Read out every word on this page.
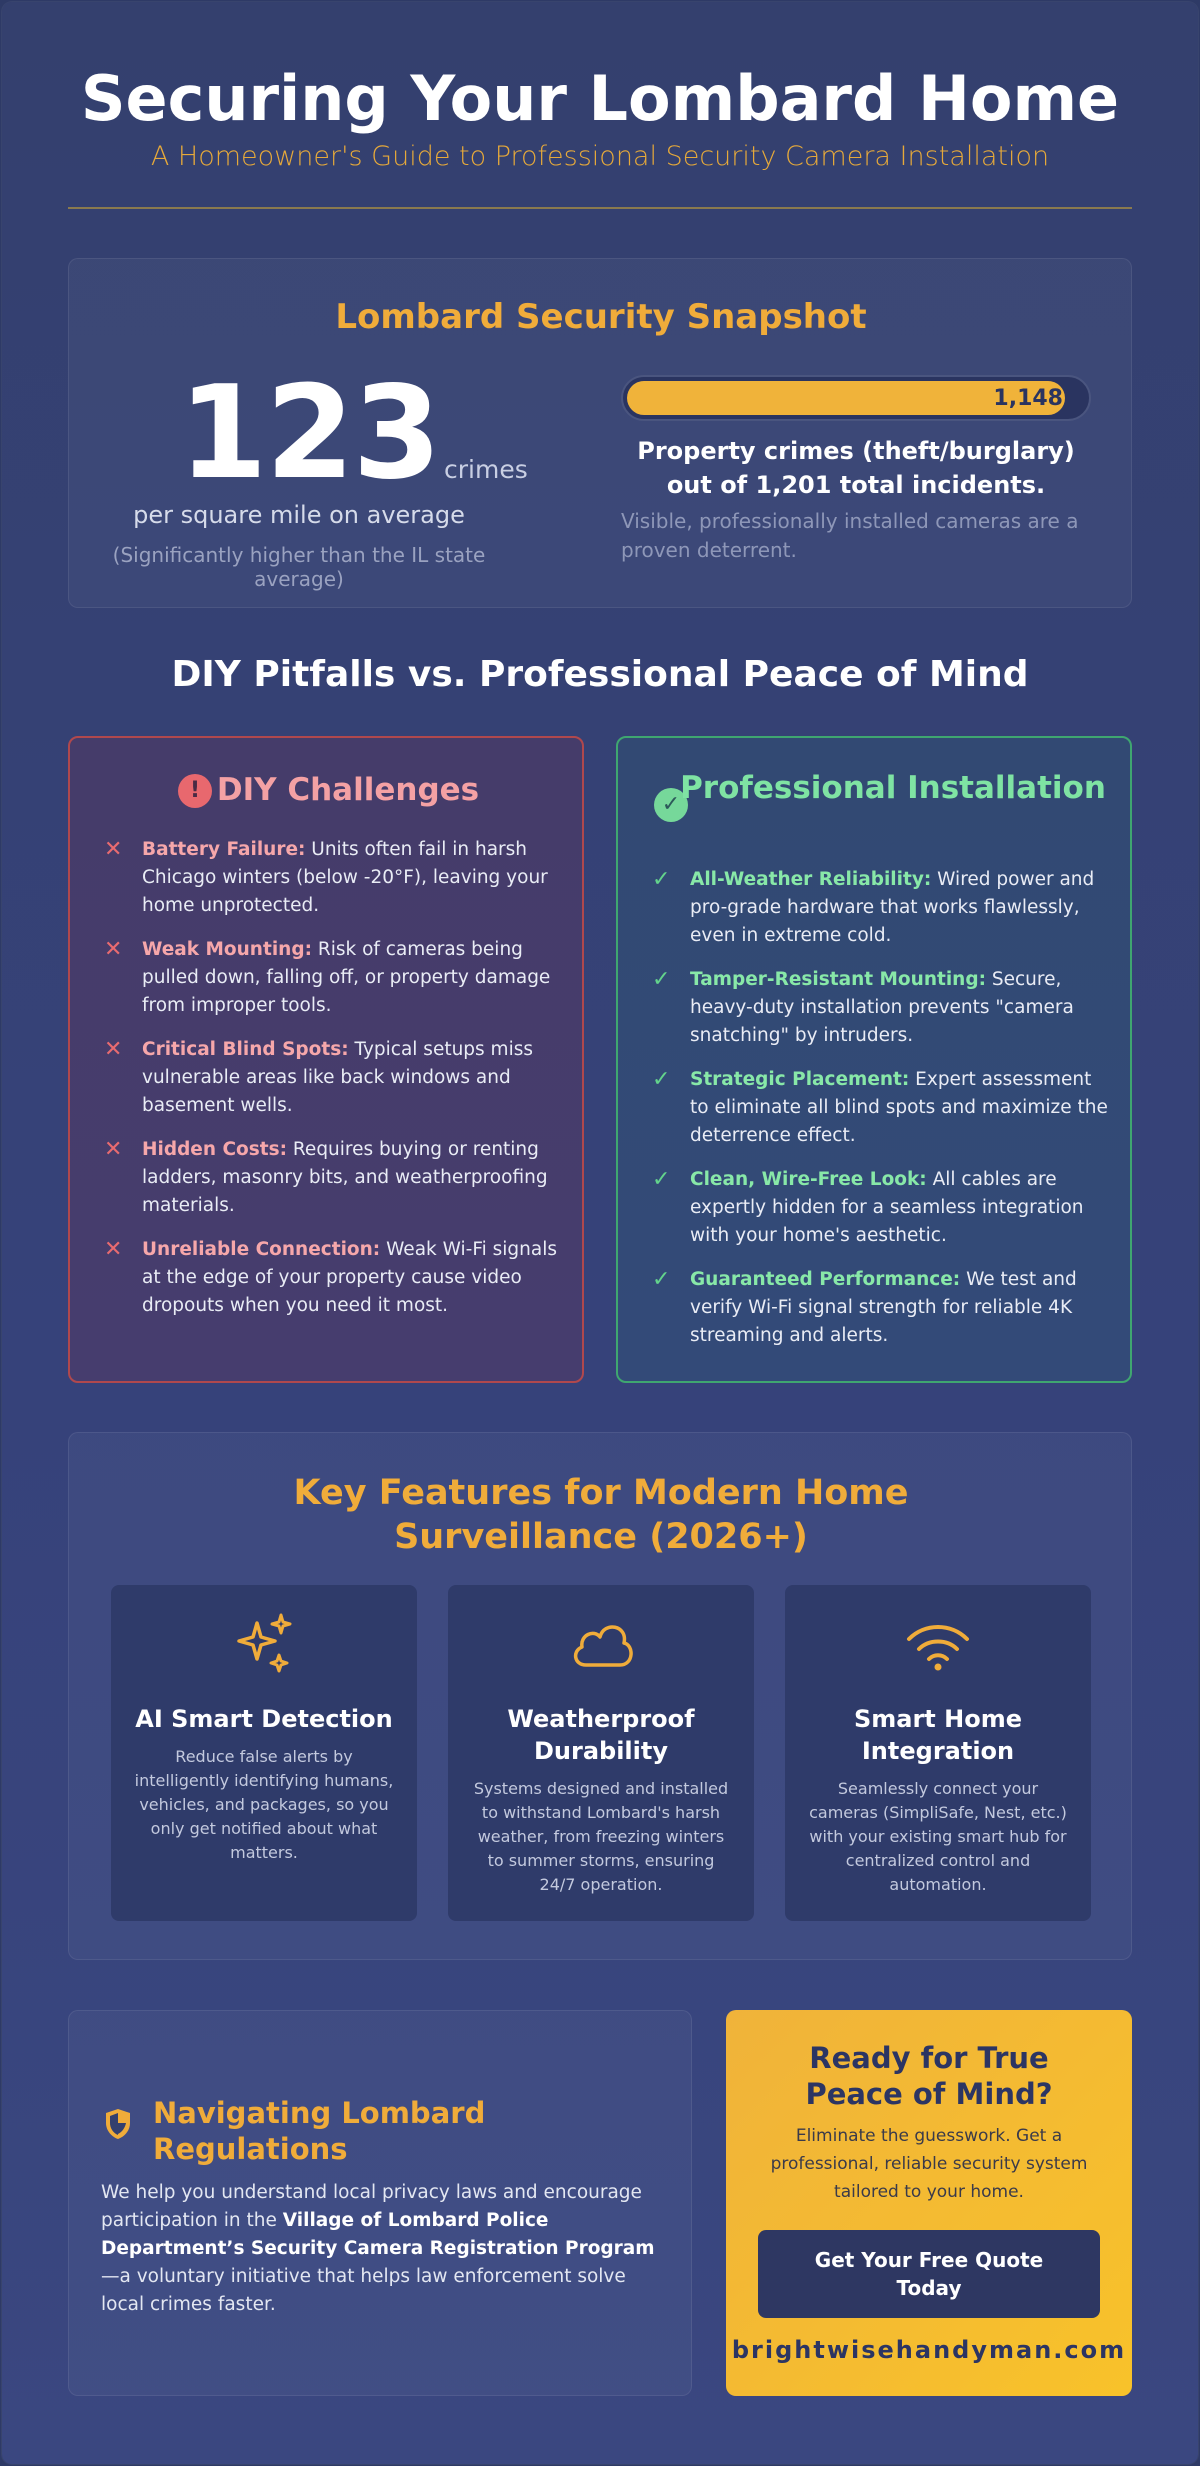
Securing Your Lombard Home
A Homeowner's Guide to Professional Security Camera Installation
Lombard Security Snapshot
123 crimes
per square mile on average
(Significantly higher than the IL state average)
1,148
Property crimes (theft/burglary) out of 1,201 total incidents.
Visible, professionally installed cameras are a proven deterrent.
DIY Pitfalls vs. Professional Peace of Mind
! DIY Challenges
✕ Battery Failure: Units often fail in harsh Chicago winters (below -20°F), leaving your home unprotected.
✕ Weak Mounting: Risk of cameras being pulled down, falling off, or property damage from improper tools.
✕ Critical Blind Spots: Typical setups miss vulnerable areas like back windows and basement wells.
✕ Hidden Costs: Requires buying or renting ladders, masonry bits, and weatherproofing materials.
✕ Unreliable Connection: Weak Wi-Fi signals at the edge of your property cause video dropouts when you need it most.
✓ Professional Installation
✓ All-Weather Reliability: Wired power and pro-grade hardware that works flawlessly, even in extreme cold.
✓ Tamper-Resistant Mounting: Secure, heavy-duty installation prevents "camera snatching" by intruders.
✓ Strategic Placement: Expert assessment to eliminate all blind spots and maximize the deterrence effect.
✓ Clean, Wire-Free Look: All cables are expertly hidden for a seamless integration with your home's aesthetic.
✓ Guaranteed Performance: We test and verify Wi-Fi signal strength for reliable 4K streaming and alerts.
Key Features for Modern Home Surveillance (2026+)
AI Smart Detection
Reduce false alerts by intelligently identifying humans, vehicles, and packages, so you only get notified about what matters.
Weatherproof Durability
Systems designed and installed to withstand Lombard's harsh weather, from freezing winters to summer storms, ensuring 24/7 operation.
Smart Home Integration
Seamlessly connect your cameras (SimpliSafe, Nest, etc.) with your existing smart hub for centralized control and automation.
Navigating Lombard Regulations
We help you understand local privacy laws and encourage participation in the Village of Lombard Police Department’s Security Camera Registration Program—a voluntary initiative that helps law enforcement solve local crimes faster.
Ready for True Peace of Mind?
Eliminate the guesswork. Get a professional, reliable security system tailored to your home.
Get Your Free Quote Today
brightwisehandyman.com
